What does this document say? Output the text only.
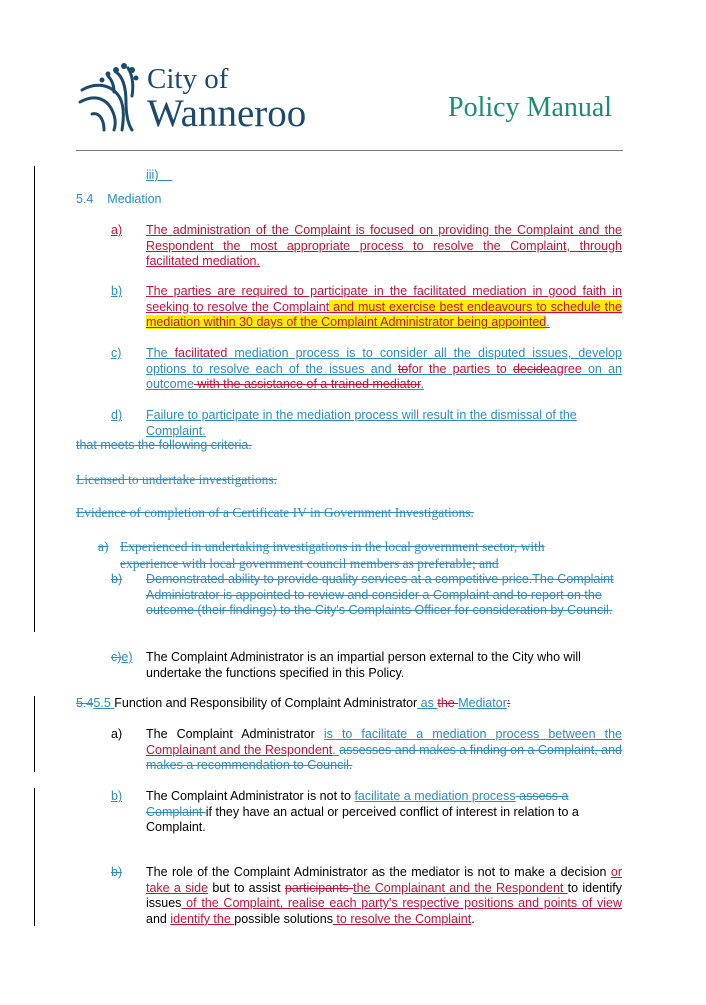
City of
Wanneroo	Policy Manual
iii)
5.4 Mediation
a) The administration of the Complaint is focused on providing the Complaint and the Respondent the most appropriate process to resolve the Complaint, through facilitated mediation.
b) The parties are required to participate in the facilitated mediation in good faith in seeking to resolve the Complaint and must exercise best endeavours to schedule the mediation within 30 days of the Complaint Administrator being appointed.
c) The facilitated mediation process is to consider all the disputed issues, develop options to resolve each of the issues and tofor the parties to decideagree on an outcome with the assistance of a trained mediator.
d) Failure to participate in the mediation process will result in the dismissal of the Complaint.
that meets the following criteria.
Licensed to undertake investigations.
Evidence of completion of a Certificate IV in Government Investigations.
a) Experienced in undertaking investigations in the local government sector, with experience with local government council members as preferable; and
b) Demonstrated ability to provide quality services at a competitive price.The Complaint Administrator is appointed to review and consider a Complaint and to report on the outcome (their findings) to the City's Complaints Officer for consideration by Council.
c)e) The Complaint Administrator is an impartial person external to the City who will undertake the functions specified in this Policy.
5.45.5 Function and Responsibility of Complaint Administrator as the Mediator:
a) The Complaint Administrator is to facilitate a mediation process between the Complainant and the Respondent. assesses and makes a finding on a Complaint, and makes a recommendation to Council.
b) The Complaint Administrator is not to facilitate a mediation process assess a Complaint if they have an actual or perceived conflict of interest in relation to a Complaint.
b) The role of the Complaint Administrator as the mediator is not to make a decision or take a side but to assist participants the Complainant and the Respondent to identify issues of the Complaint, realise each party's respective positions and points of view and identify the possible solutions to resolve the Complaint.
